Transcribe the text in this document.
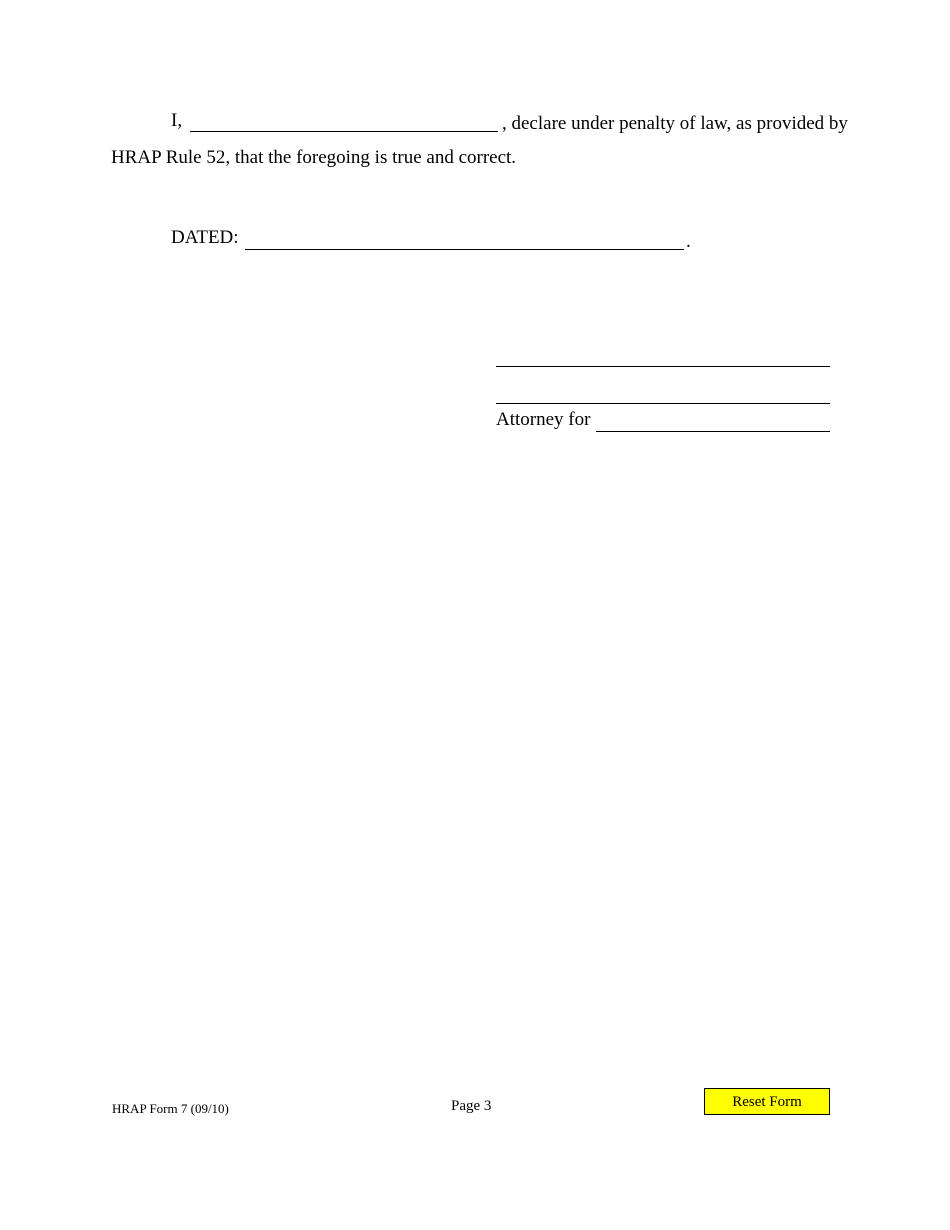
I,	, declare under penalty of law, as provided by
HRAP Rule 52, that the foregoing is true and correct.
DATED:	.
Attorney for
HRAP Form 7 (09/10)	Page 3	Reset Form
